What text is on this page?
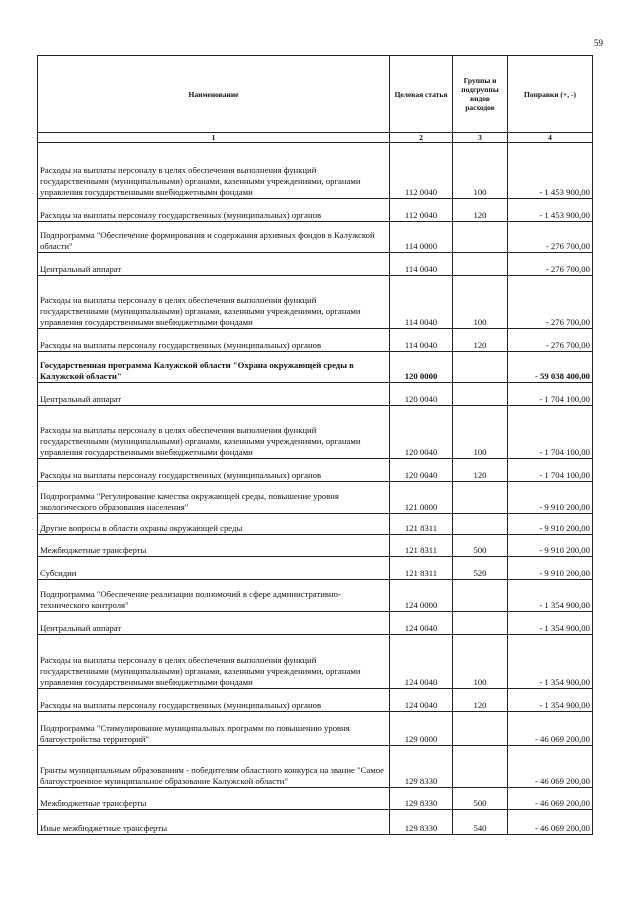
59
Наименование	Целевая статья	Группы и подгруппы видов расходов	Поправки (+, -)
1	2	3	4
Расходы на выплаты персоналу в целях обеспечения выполнения функций государственными (муниципальными) органами, казенными учреждениями, органами управления государственными внебюджетными фондами	112 0040	100	- 1 453 900,00
Расходы на выплаты персоналу государственных (муниципальных) органов	112 0040	120	- 1 453 900,00
Подпрограмма "Обеспечение формирования и содержания архивных фондов в Калужской области"	114 0000		- 276 700,00
Центральный аппарат	114 0040		- 276 700,00
Расходы на выплаты персоналу в целях обеспечения выполнения функций государственными (муниципальными) органами, казенными учреждениями, органами управления государственными внебюджетными фондами	114 0040	100	- 276 700,00
Расходы на выплаты персоналу государственных (муниципальных) органов	114 0040	120	- 276 700,00
Государственная программа Калужской области "Охрана окружающей среды в Калужской области"	120 0000		- 59 038 400,00
Центральный аппарат	120 0040		- 1 704 100,00
Расходы на выплаты персоналу в целях обеспечения выполнения функций государственными (муниципальными) органами, казенными учреждениями, органами управления государственными внебюджетными фондами	120 0040	100	- 1 704 100,00
Расходы на выплаты персоналу государственных (муниципальных) органов	120 0040	120	- 1 704 100,00
Подпрограмма "Регулирование качества окружающей среды, повышение уровня экологического образования населения"	121 0000		- 9 910 200,00
Другие вопросы в области охраны окружающей среды	121 8311		- 9 910 200,00
Межбюджетные трансферты	121 8311	500	- 9 910 200,00
Субсидии	121 8311	520	- 9 910 200,00
Подпрограмма "Обеспечение реализации полномочий в сфере административно-технического контроля"	124 0000		- 1 354 900,00
Центральный аппарат	124 0040		- 1 354 900,00
Расходы на выплаты персоналу в целях обеспечения выполнения функций государственными (муниципальными) органами, казенными учреждениями, органами управления государственными внебюджетными фондами	124 0040	100	- 1 354 900,00
Расходы на выплаты персоналу государственных (муниципальных) органов	124 0040	120	- 1 354 900,00
Подпрограмма "Стимулирование муниципальных программ по повышению уровня благоустройства территорий"	129 0000		- 46 069 200,00
Гранты муниципальным образованиям - победителям областного конкурса на звание "Самое благоустроенное муниципальное образование Калужской области"	129 8330		- 46 069 200,00
Межбюджетные трансферты	129 8330	500	- 46 069 200,00
Иные межбюджетные трансферты	129 8330	540	- 46 069 200,00
